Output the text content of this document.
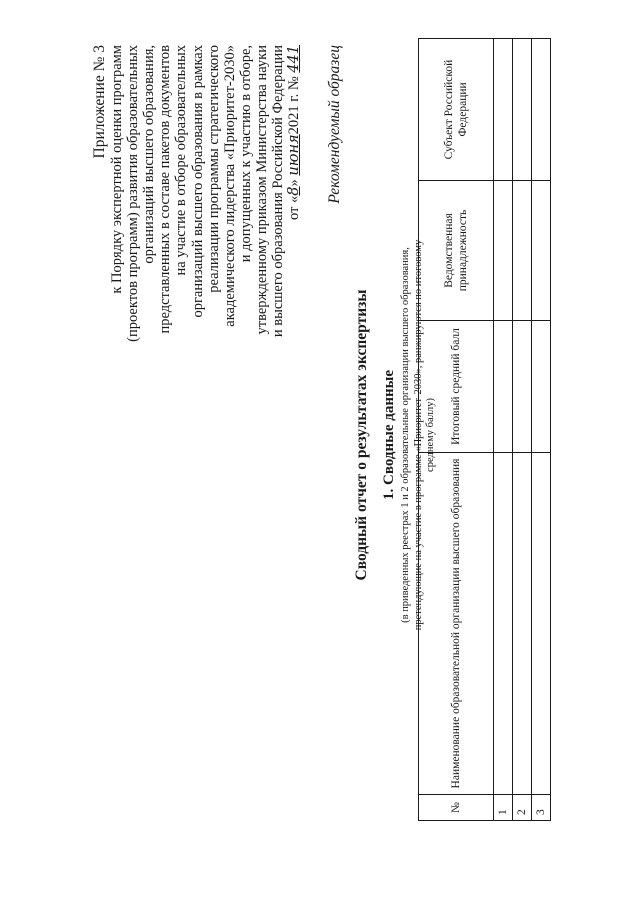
Приложение № 3 к Порядку экспертной оценки программ (проектов программ) развития образовательных организаций высшего образования, представленных в составе пакетов документов на участие в отборе образовательных организаций высшего образования в рамках реализации программы стратегического академического лидерства «Приоритет-2030» и допущенных к участию в отборе, утвержденному приказом Министерства науки и высшего образования Российской Федерации от «8» июня2021 г. № 441 Рекомендуемый образец
Сводный отчет о результатах экспертизы 1. Сводные данные (в приведенных реестрах 1 и 2 образовательные организации высшего образования, претендующие на участие в программе «Приоритет-2030», ранжируются по итоговому среднему баллу)
№	Наименование образовательной организации высшего образования	Итоговый средний балл	Ведомственная принадлежность	Субъект Российской Федерации
1				
2				
3				
